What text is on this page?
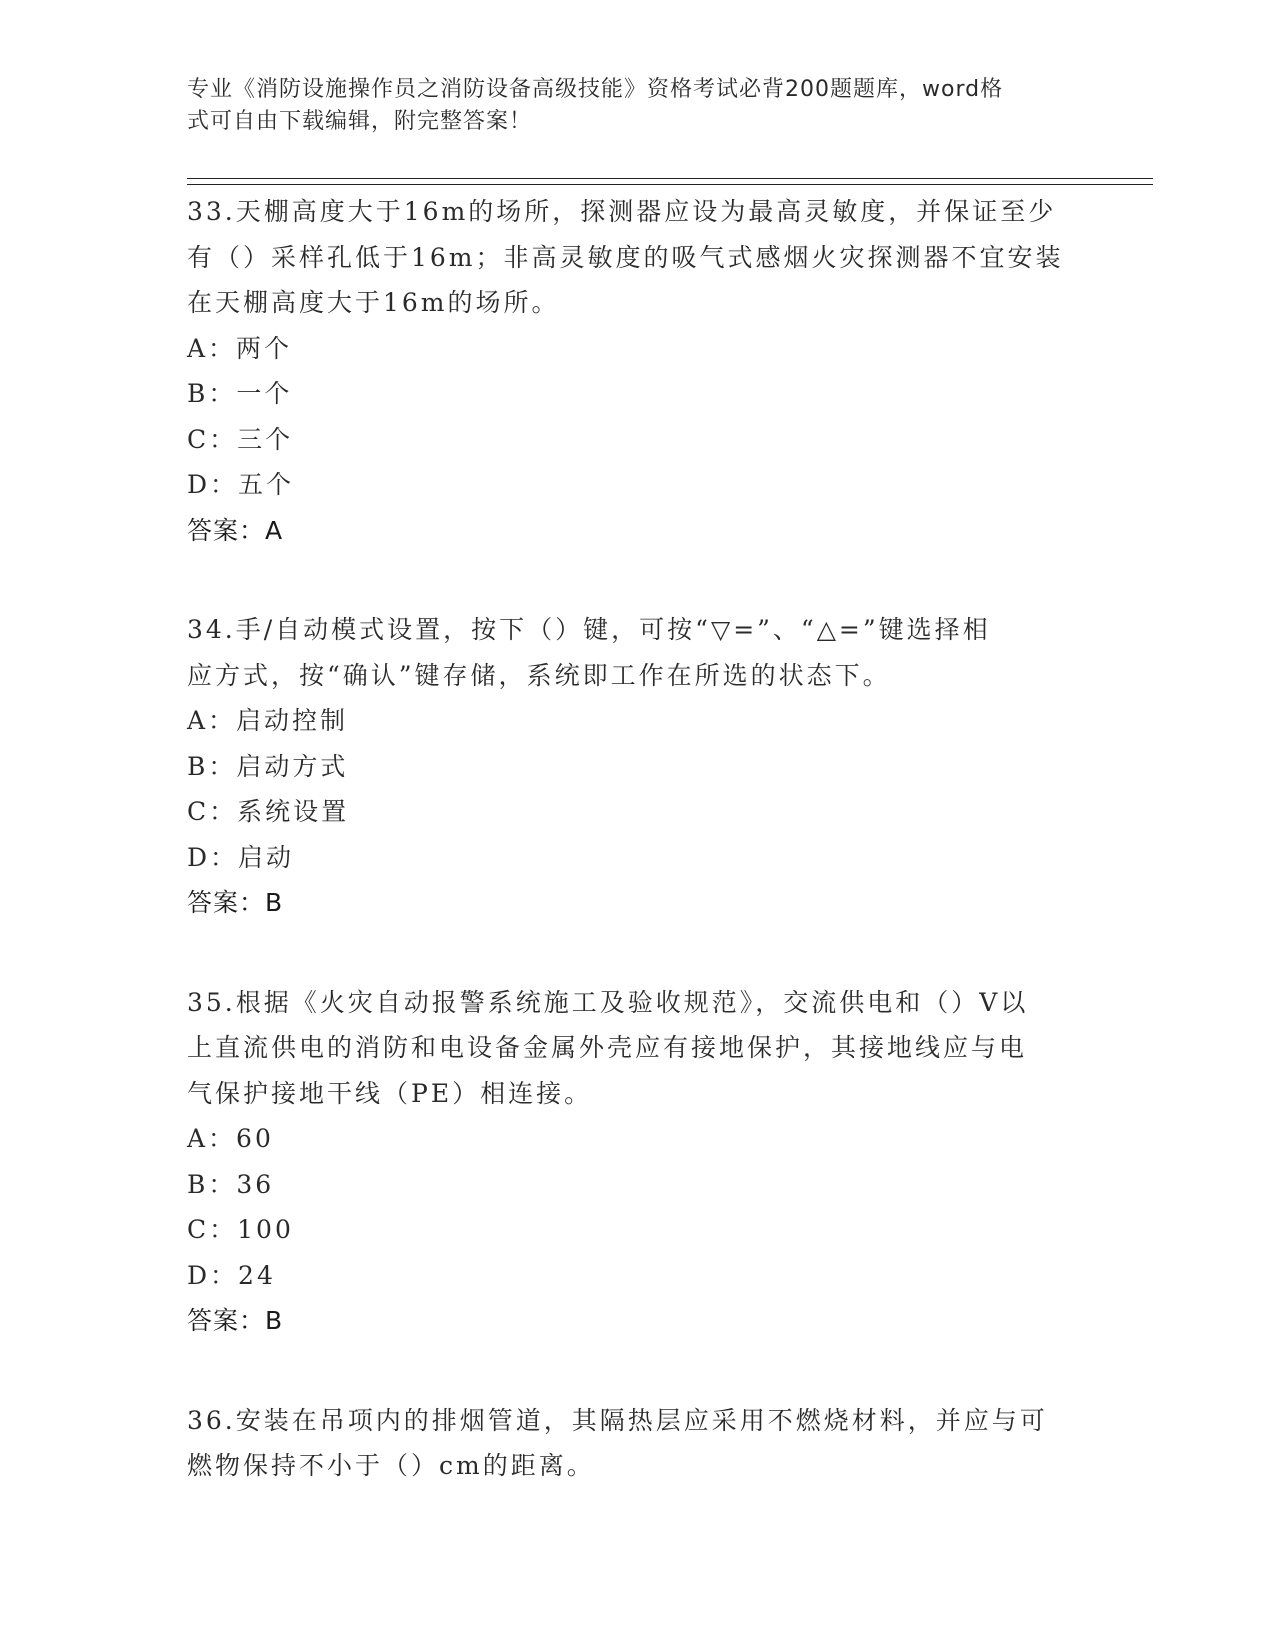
专业《消防设施操作员之消防设备高级技能》资格考试必背200题题库，word格
式可自由下载编辑，附完整答案！
33.天棚高度大于16m的场所，探测器应设为最高灵敏度，并保证至少
有（）采样孔低于16m；非高灵敏度的吸气式感烟火灾探测器不宜安装
在天棚高度大于16m的场所。
A：两个
B：一个
C：三个
D：五个
答案：A
34.手/自动模式设置，按下（）键，可按“▽=”、“△=”键选择相
应方式，按“确认”键存储，系统即工作在所选的状态下。
A：启动控制
B：启动方式
C：系统设置
D：启动
答案：B
35.根据《火灾自动报警系统施工及验收规范》，交流供电和（）V以
上直流供电的消防和电设备金属外壳应有接地保护，其接地线应与电
气保护接地干线（PE）相连接。
A：60
B：36
C：100
D：24
答案：B
36.安装在吊项内的排烟管道，其隔热层应采用不燃烧材料，并应与可
燃物保持不小于（）cm的距离。
